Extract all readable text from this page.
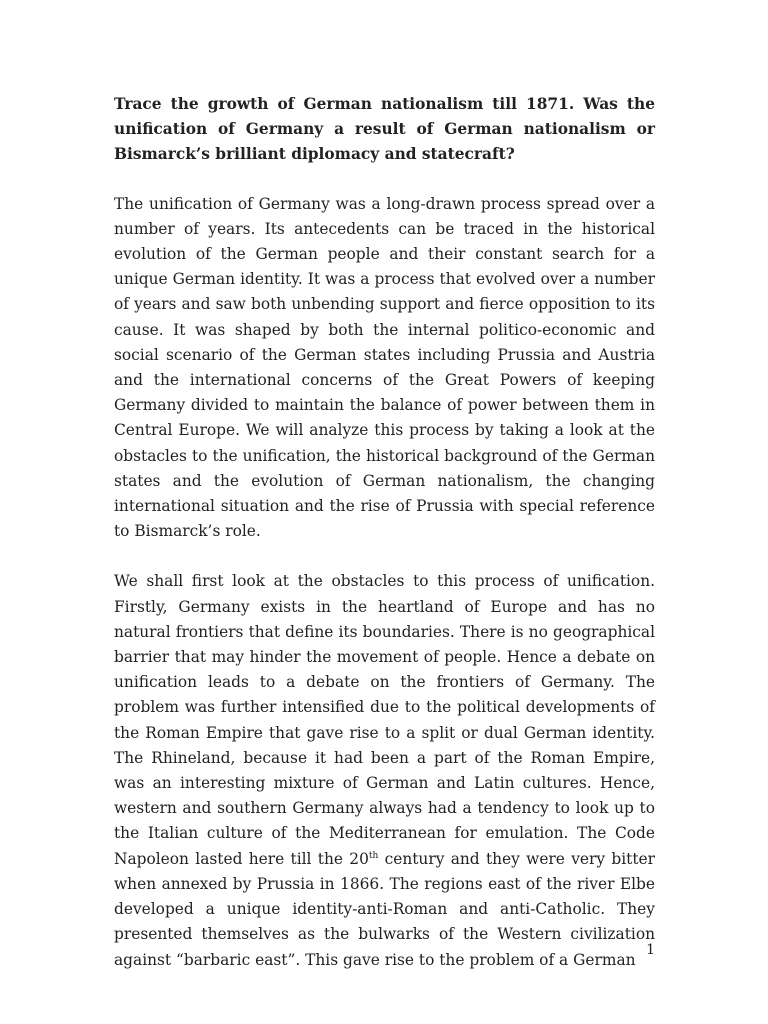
Trace the growth of German nationalism till 1871. Was the unification of Germany a result of German nationalism or Bismarck’s brilliant diplomacy and statecraft?

The unification of Germany was a long-drawn process spread over a number of years. Its antecedents can be traced in the historical evolution of the German people and their constant search for a unique German identity. It was a process that evolved over a number of years and saw both unbending support and fierce opposition to its cause. It was shaped by both the internal politico-economic and social scenario of the German states including Prussia and Austria and the international concerns of the Great Powers of keeping Germany divided to maintain the balance of power between them in Central Europe. We will analyze this process by taking a look at the obstacles to the unification, the historical background of the German states and the evolution of German nationalism, the changing international situation and the rise of Prussia with special reference to Bismarck’s role.

We shall first look at the obstacles to this process of unification. Firstly, Germany exists in the heartland of Europe and has no natural frontiers that define its boundaries. There is no geographical barrier that may hinder the movement of people. Hence a debate on unification leads to a debate on the frontiers of Germany. The problem was further intensified due to the political developments of the Roman Empire that gave rise to a split or dual German identity. The Rhineland, because it had been a part of the Roman Empire, was an interesting mixture of German and Latin cultures. Hence, western and southern Germany always had a tendency to look up to the Italian culture of the Mediterranean for emulation. The Code Napoleon lasted here till the 20th century and they were very bitter when annexed by Prussia in 1866. The regions east of the river Elbe developed a unique identity-anti-Roman and anti-Catholic. They presented themselves as the bulwarks of the Western civilization against “barbaric east”. This gave rise to the problem of a German

1
